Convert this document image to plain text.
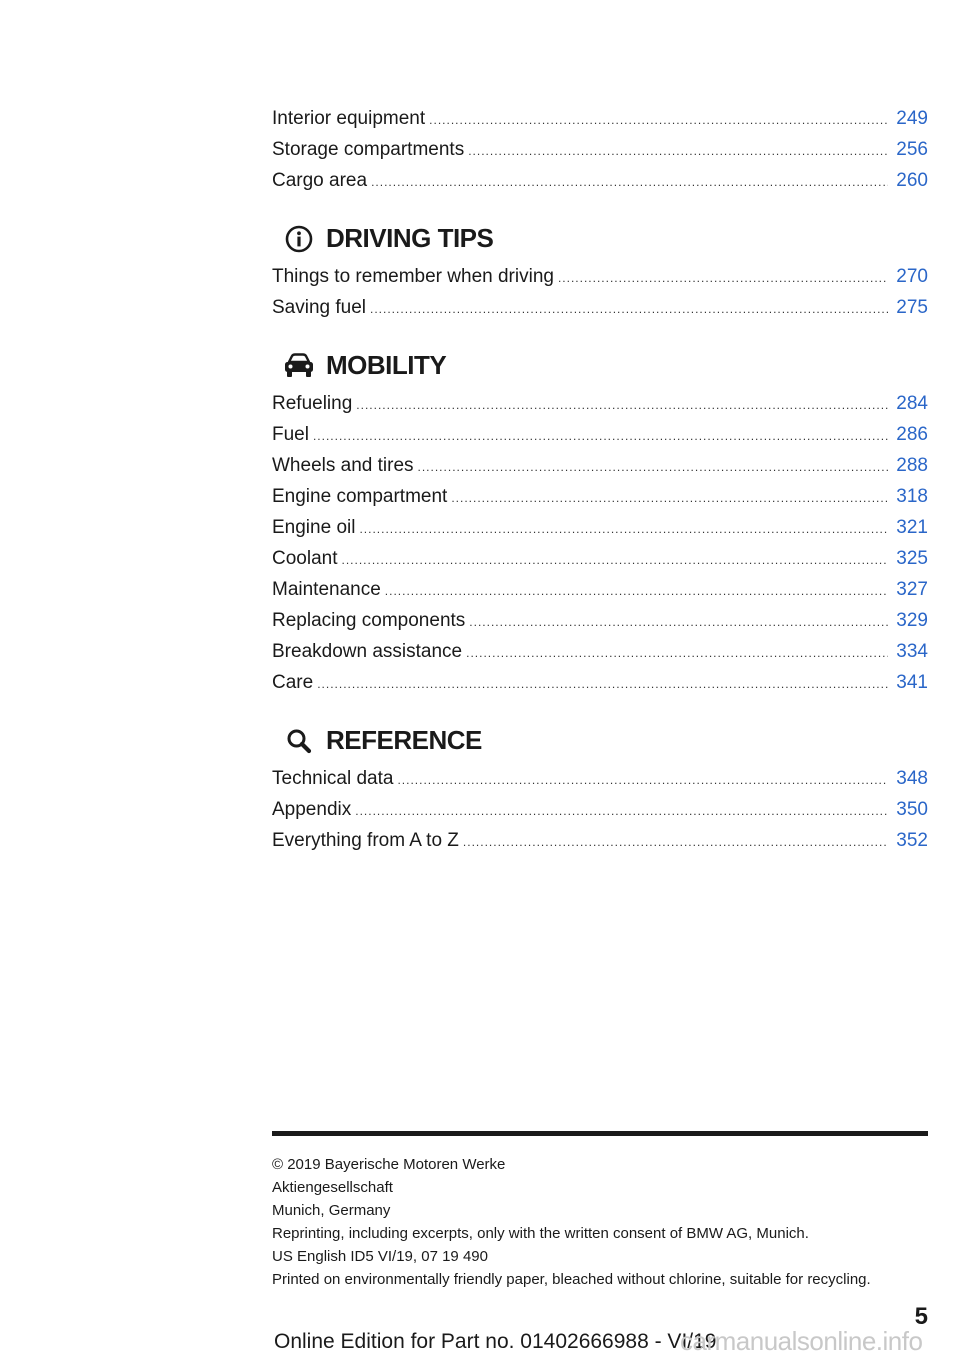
Interior equipment .....	249
Storage compartments .....	256
Cargo area .....	260
DRIVING TIPS
Things to remember when driving .....	270
Saving fuel .....	275
MOBILITY
Refueling .....	284
Fuel .....	286
Wheels and tires .....	288
Engine compartment .....	318
Engine oil .....	321
Coolant .....	325
Maintenance .....	327
Replacing components .....	329
Breakdown assistance .....	334
Care .....	341
REFERENCE
Technical data .....	348
Appendix .....	350
Everything from A to Z .....	352
© 2019 Bayerische Motoren Werke
Aktiengesellschaft
Munich, Germany
Reprinting, including excerpts, only with the written consent of BMW AG, Munich.
US English ID5 VI/19, 07 19 490
Printed on environmentally friendly paper, bleached without chlorine, suitable for recycling.
5
Online Edition for Part no. 01402666988 - VI/19
carmanualsonline.info
